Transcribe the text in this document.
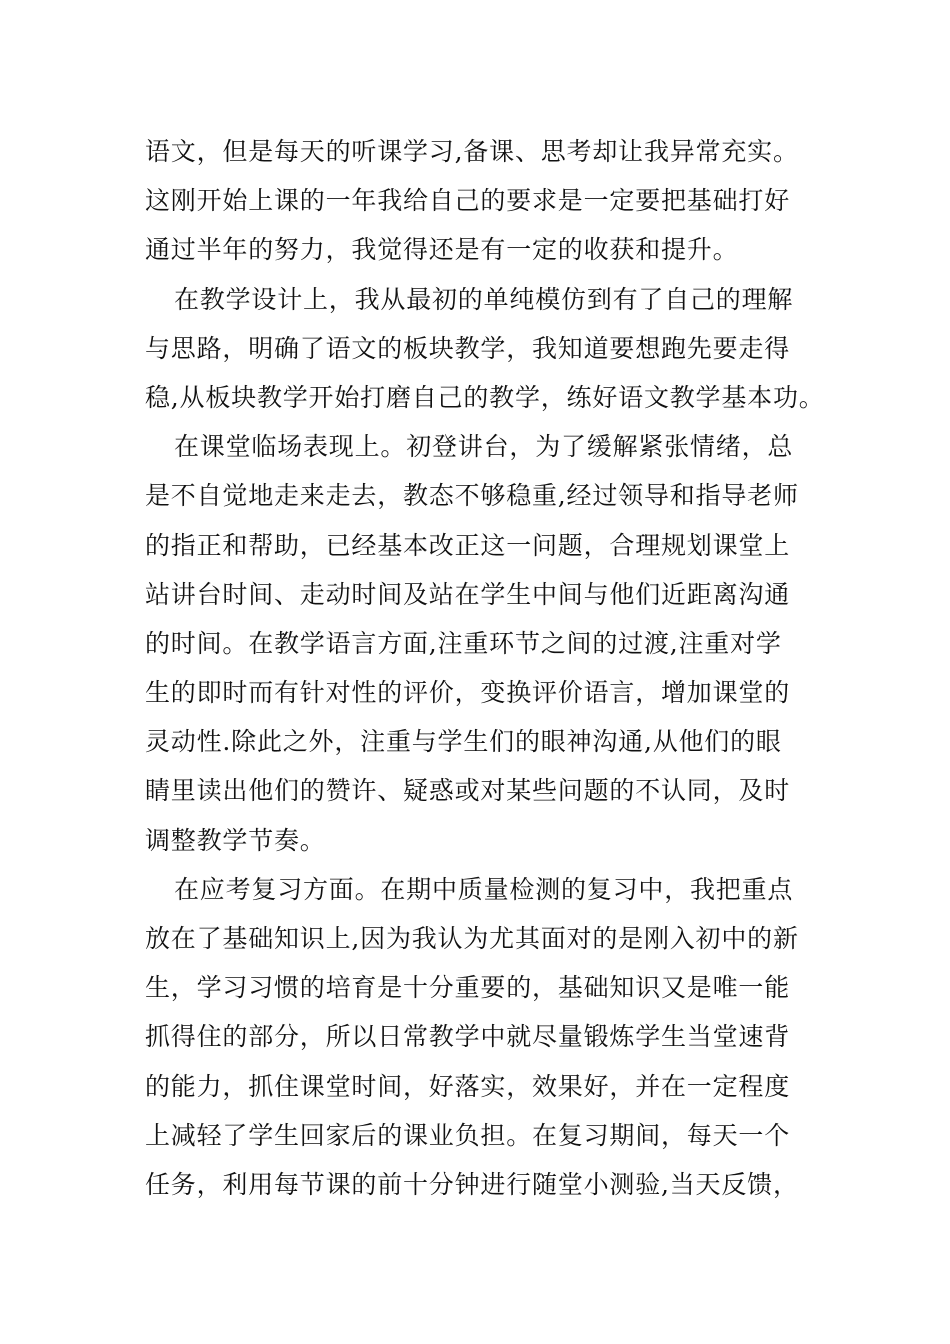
语文，但是每天的听课学习,备课、思考却让我异常充实。
这刚开始上课的一年我给自己的要求是一定要把基础打好
通过半年的努力，我觉得还是有一定的收获和提升。
在教学设计上，我从最初的单纯模仿到有了自己的理解
与思路，明确了语文的板块教学，我知道要想跑先要走得
稳,从板块教学开始打磨自己的教学，练好语文教学基本功。
在课堂临场表现上。初登讲台，为了缓解紧张情绪，总
是不自觉地走来走去，教态不够稳重,经过领导和指导老师
的指正和帮助，已经基本改正这一问题，合理规划课堂上
站讲台时间、走动时间及站在学生中间与他们近距离沟通
的时间。在教学语言方面,注重环节之间的过渡,注重对学
生的即时而有针对性的评价，变换评价语言，增加课堂的
灵动性.除此之外，注重与学生们的眼神沟通,从他们的眼
睛里读出他们的赞许、疑惑或对某些问题的不认同，及时
调整教学节奏。
在应考复习方面。在期中质量检测的复习中，我把重点
放在了基础知识上,因为我认为尤其面对的是刚入初中的新
生，学习习惯的培育是十分重要的，基础知识又是唯一能
抓得住的部分，所以日常教学中就尽量锻炼学生当堂速背
的能力，抓住课堂时间，好落实，效果好，并在一定程度
上减轻了学生回家后的课业负担。在复习期间，每天一个
任务，利用每节课的前十分钟进行随堂小测验,当天反馈，
